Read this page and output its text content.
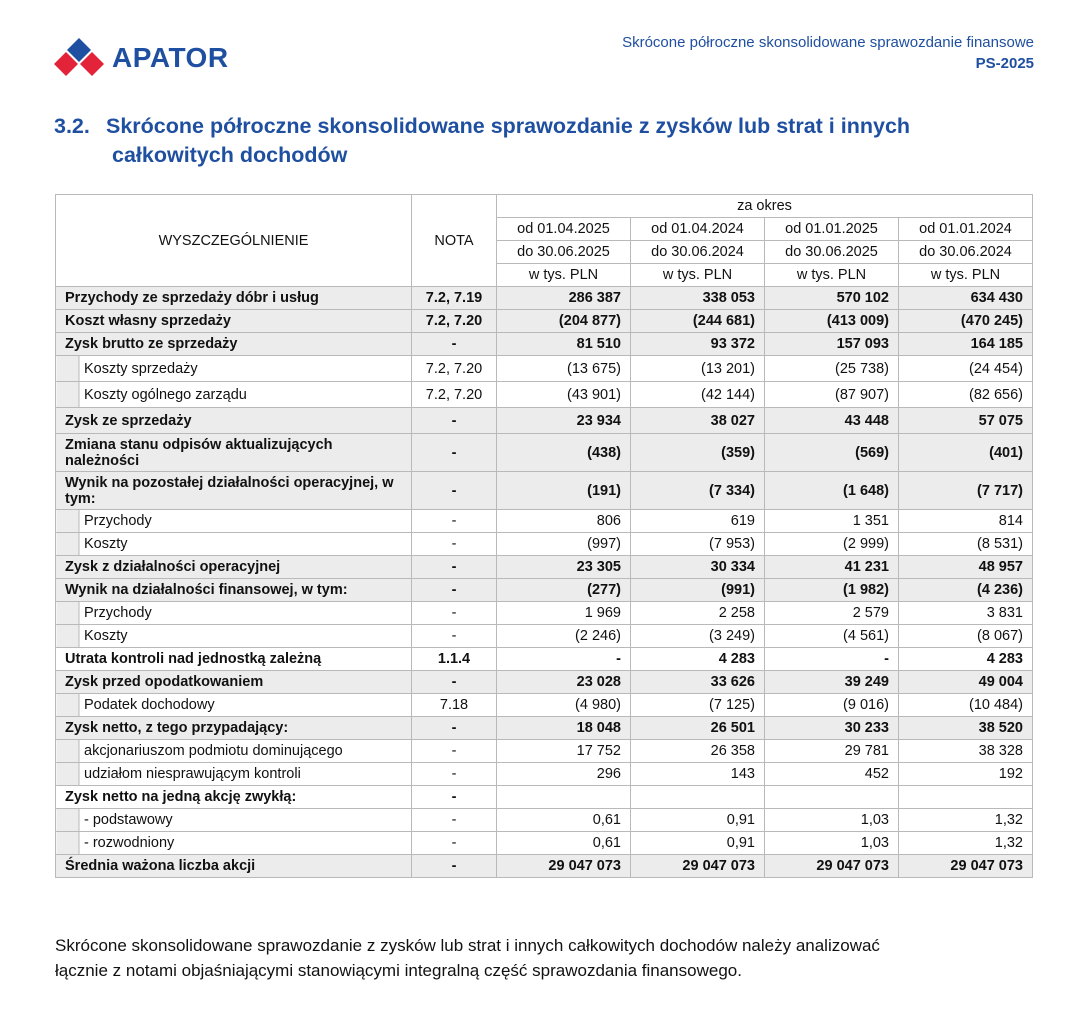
APATOR	Skrócone półroczne skonsolidowane sprawozdanie finansowe
PS-2025
3.2. Skrócone półroczne skonsolidowane sprawozdanie z zysków lub strat i innych
całkowitych dochodów
WYSZCZEGÓLNIENIE	NOTA	za okres			
		od 01.04.2025	od 01.04.2024	od 01.01.2025	od 01.01.2024
		do 30.06.2025	do 30.06.2024	do 30.06.2025	do 30.06.2024
		w tys. PLN	w tys. PLN	w tys. PLN	w tys. PLN
Przychody ze sprzedaży dóbr i usług	7.2, 7.19	286 387	338 053	570 102	634 430
Koszt własny sprzedaży	7.2, 7.20	(204 877)	(244 681)	(413 009)	(470 245)
Zysk brutto ze sprzedaży	-	81 510	93 372	157 093	164 185
Koszty sprzedaży	7.2, 7.20	(13 675)	(13 201)	(25 738)	(24 454)
Koszty ogólnego zarządu	7.2, 7.20	(43 901)	(42 144)	(87 907)	(82 656)
Zysk ze sprzedaży	-	23 934	38 027	43 448	57 075
Zmiana stanu odpisów aktualizujących należności	-	(438)	(359)	(569)	(401)
Wynik na pozostałej działalności operacyjnej, w tym:	-	(191)	(7 334)	(1 648)	(7 717)
Przychody	-	806	619	1 351	814
Koszty	-	(997)	(7 953)	(2 999)	(8 531)
Zysk z działalności operacyjnej	-	23 305	30 334	41 231	48 957
Wynik na działalności finansowej, w tym:	-	(277)	(991)	(1 982)	(4 236)
Przychody	-	1 969	2 258	2 579	3 831
Koszty	-	(2 246)	(3 249)	(4 561)	(8 067)
Utrata kontroli nad jednostką zależną	1.1.4	-	4 283	-	4 283
Zysk przed opodatkowaniem	-	23 028	33 626	39 249	49 004
Podatek dochodowy	7.18	(4 980)	(7 125)	(9 016)	(10 484)
Zysk netto, z tego przypadający:	-	18 048	26 501	30 233	38 520
akcjonariuszom podmiotu dominującego	-	17 752	26 358	29 781	38 328
udziałom niesprawującym kontroli	-	296	143	452	192
Zysk netto na jedną akcję zwykłą:	-				
- podstawowy	-	0,61	0,91	1,03	1,32
- rozwodniony	-	0,61	0,91	1,03	1,32
Średnia ważona liczba akcji	-	29 047 073	29 047 073	29 047 073	29 047 073
Skrócone skonsolidowane sprawozdanie z zysków lub strat i innych całkowitych dochodów należy analizować
łącznie z notami objaśniającymi stanowiącymi integralną część sprawozdania finansowego.
